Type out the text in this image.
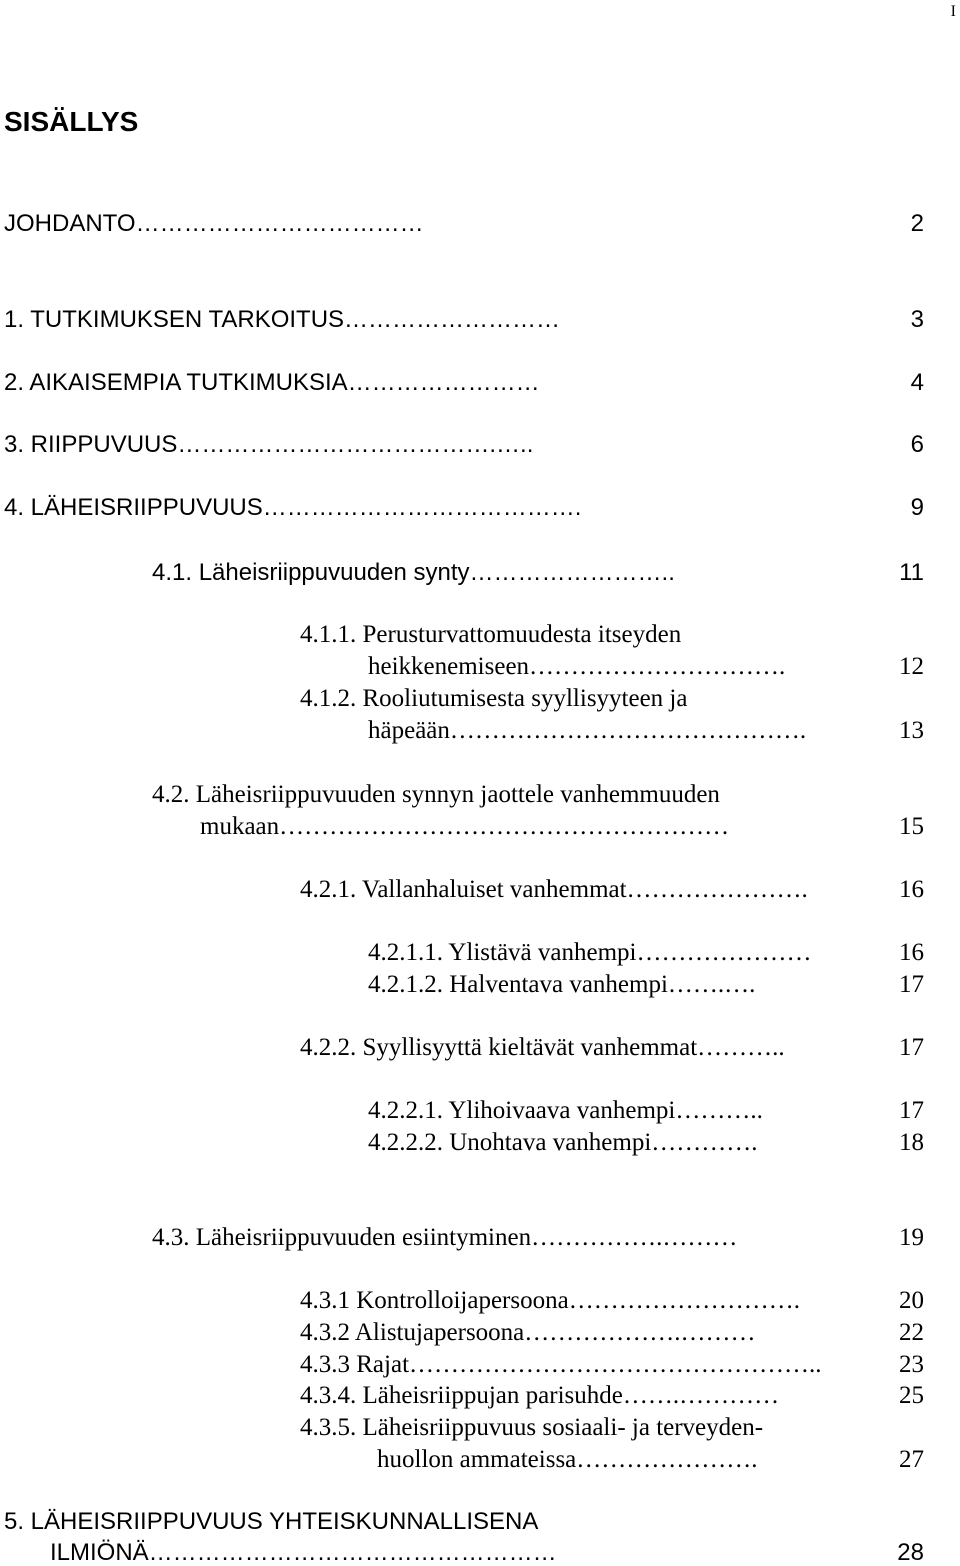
I
SISÄLLYS
JOHDANTO………………………………	2
1. TUTKIMUKSEN TARKOITUS………………………	3
2. AIKAISEMPIA TUTKIMUKSIA……………………	4
3. RIIPPUVUUS………………………………….…..	6
4. LÄHEISRIIPPUVUUS………………………………….	9
4.1. Läheisriippuvuuden synty……………………..	11
4.1.1. Perusturvattomuudesta itseyden
heikkenemiseen………………………….	12
4.1.2. Rooliutumisesta syyllisyyteen ja
häpeään…………………………………….	13
4.2. Läheisriippuvuuden synnyn jaottele vanhemmuuden
mukaan………………………………………………	15
4.2.1. Vallanhaluiset vanhemmat………………….	16
4.2.1.1. Ylistävä vanhempi…………………	16
4.2.1.2. Halventava vanhempi…….….	17
4.2.2. Syyllisyyttä kieltävät vanhemmat………..	17
4.2.2.1. Ylihoivaava vanhempi………..	17
4.2.2.2. Unohtava vanhempi………….	18
4.3. Läheisriippuvuuden esiintyminen…………….………	19
4.3.1 Kontrolloijapersoona……………………….	20
4.3.2 Alistujapersoona……………….………	22
4.3.3 Rajat…………………………………………..	23
4.3.4. Läheisriippujan parisuhde…….…………	25
4.3.5. Läheisriippuvuus sosiaali- ja terveyden-
huollon ammateissa………………….	27
5. LÄHEISRIIPPUVUUS YHTEISKUNNALLISENA
ILMIÖNÄ……………………………………………	28
